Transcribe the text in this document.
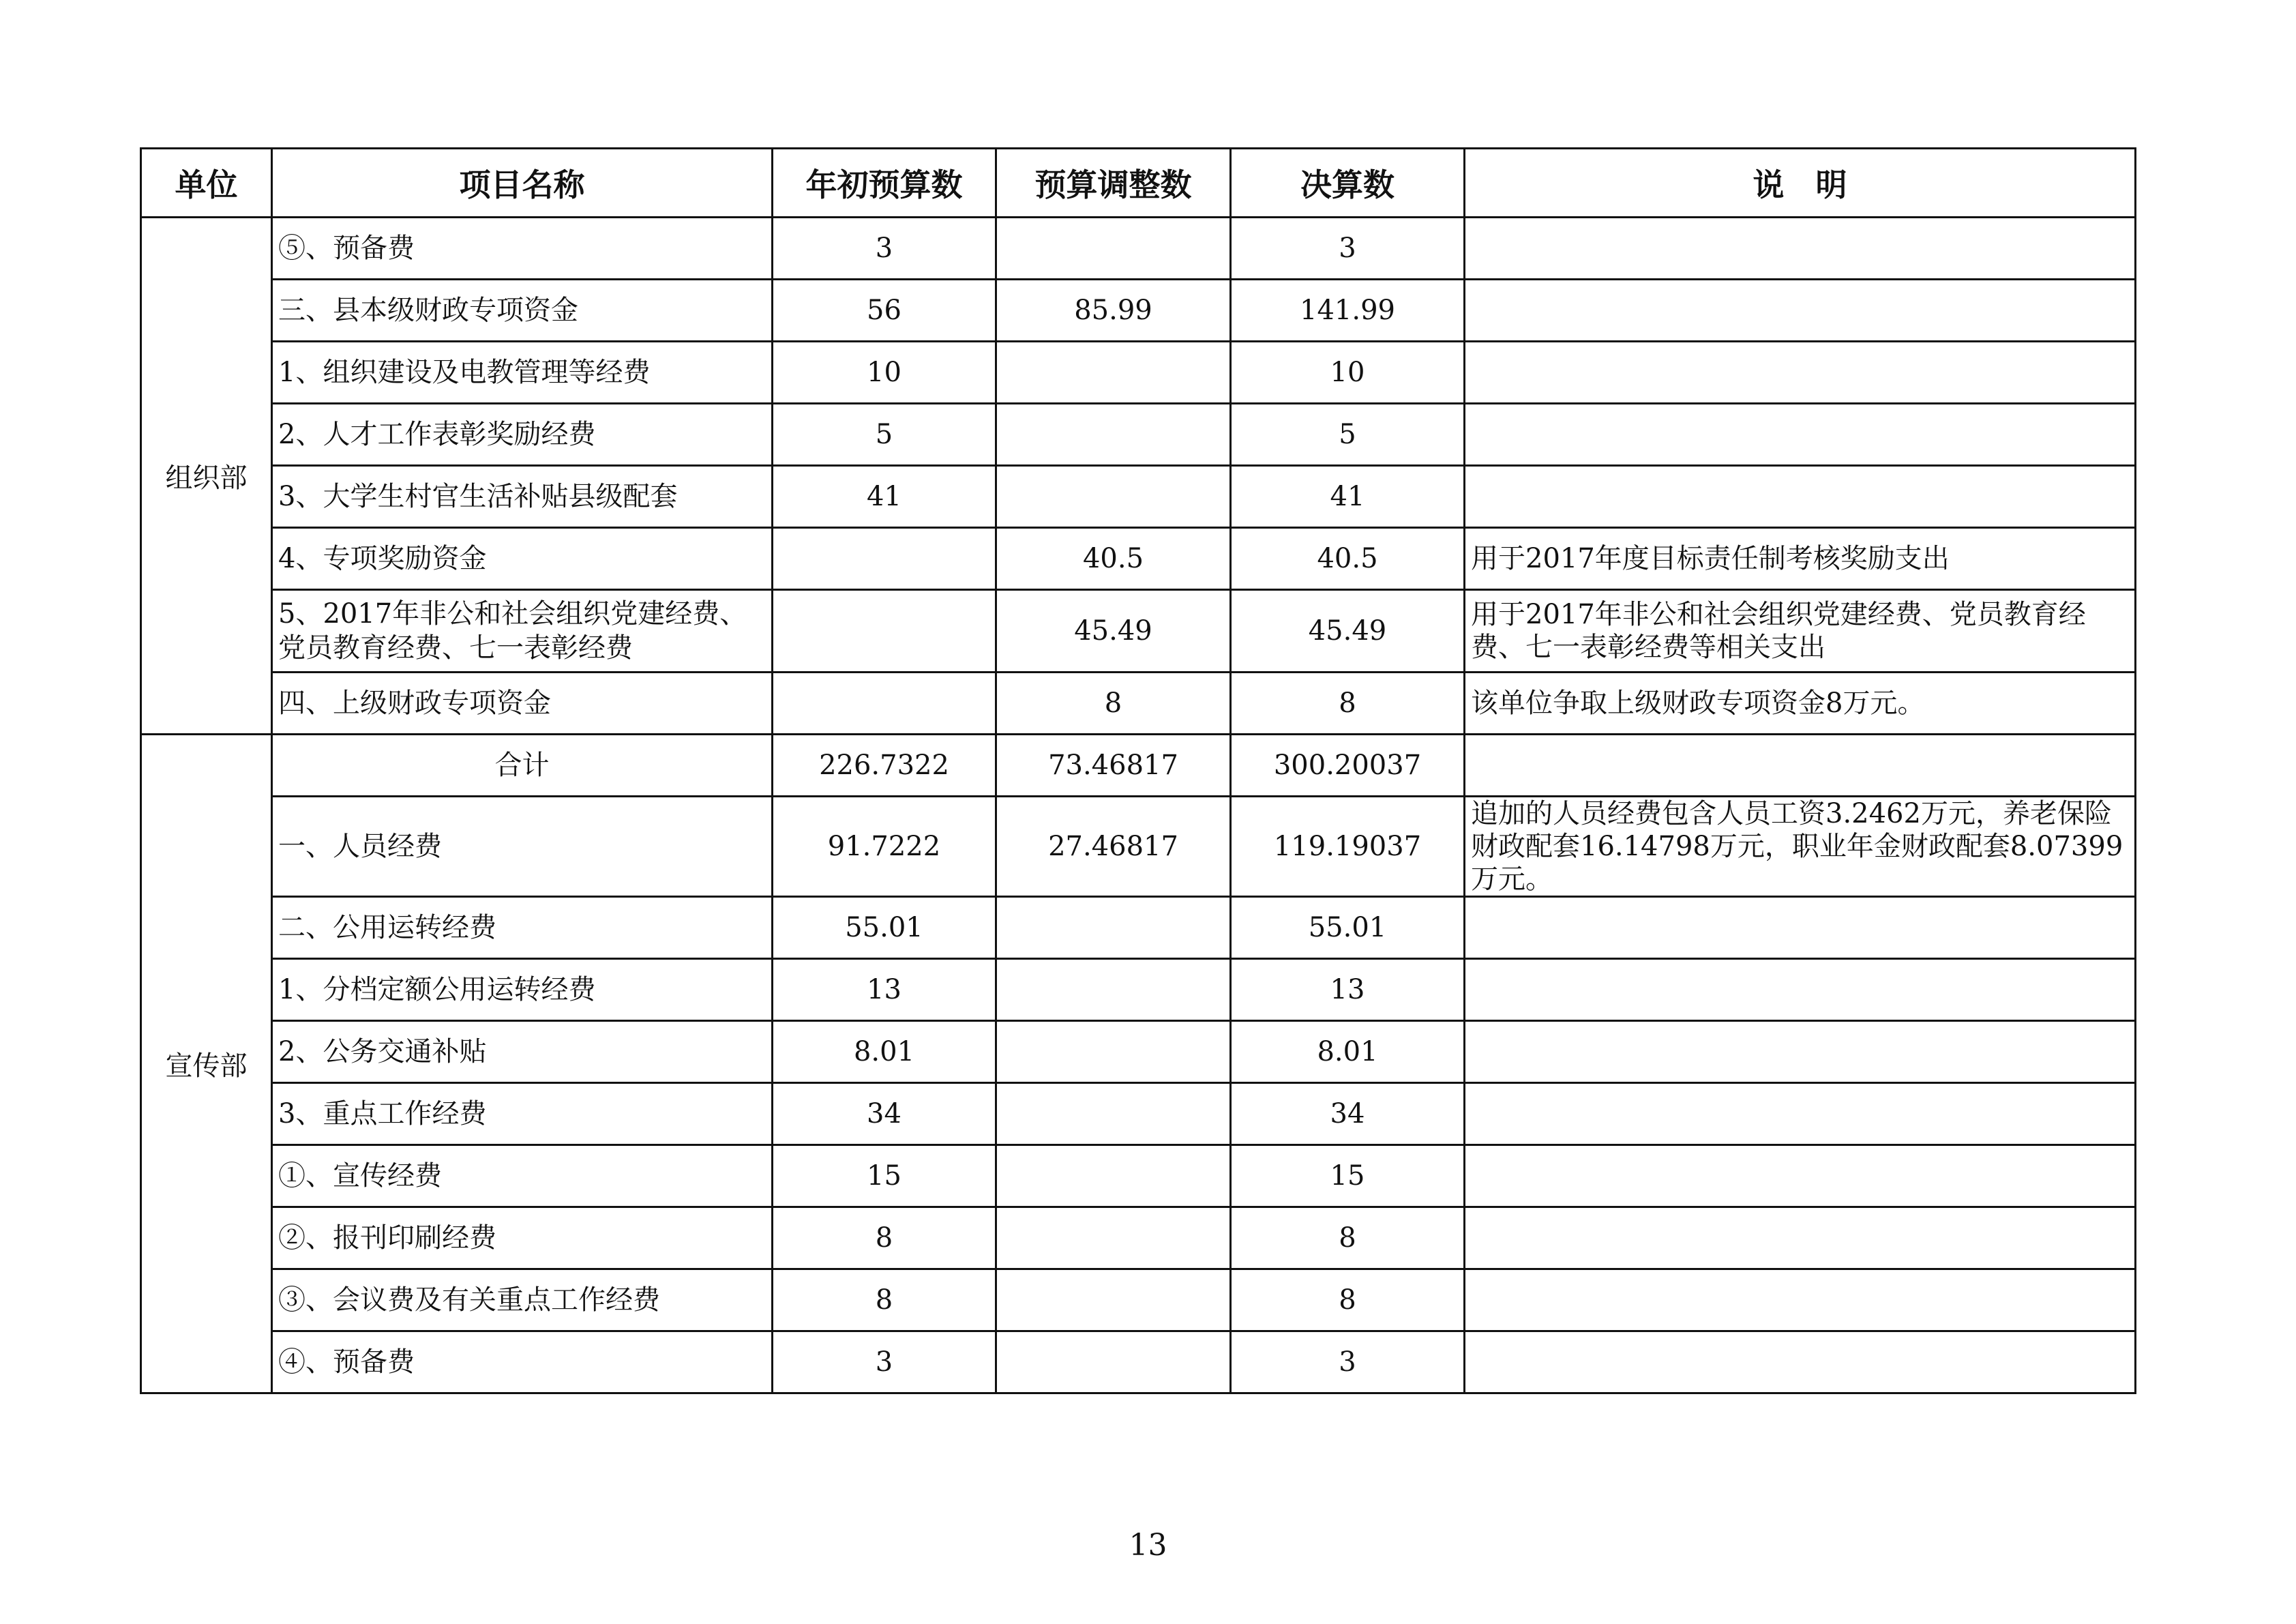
单位	项目名称	年初预算数	预算调整数	决算数	说　明
组织部	⑤、预备费	3		3	
	三、县本级财政专项资金	56	85.99	141.99	
	1、组织建设及电教管理等经费	10		10	
	2、人才工作表彰奖励经费	5		5	
	3、大学生村官生活补贴县级配套	41		41	
	4、专项奖励资金		40.5	40.5	用于2017年度目标责任制考核奖励支出
	5、2017年非公和社会组织党建经费、党员教育经费、七一表彰经费		45.49	45.49	用于2017年非公和社会组织党建经费、党员教育经费、七一表彰经费等相关支出
	四、上级财政专项资金		8	8	该单位争取上级财政专项资金8万元。
宣传部	合计	226.7322	73.46817	300.20037	
	一、人员经费	91.7222	27.46817	119.19037	追加的人员经费包含人员工资3.2462万元，养老保险财政配套16.14798万元，职业年金财政配套8.07399万元。
	二、公用运转经费	55.01		55.01	
	1、分档定额公用运转经费	13		13	
	2、公务交通补贴	8.01		8.01	
	3、重点工作经费	34		34	
	①、宣传经费	15		15	
	②、报刊印刷经费	8		8	
	③、会议费及有关重点工作经费	8		8	
	④、预备费	3		3	
13
